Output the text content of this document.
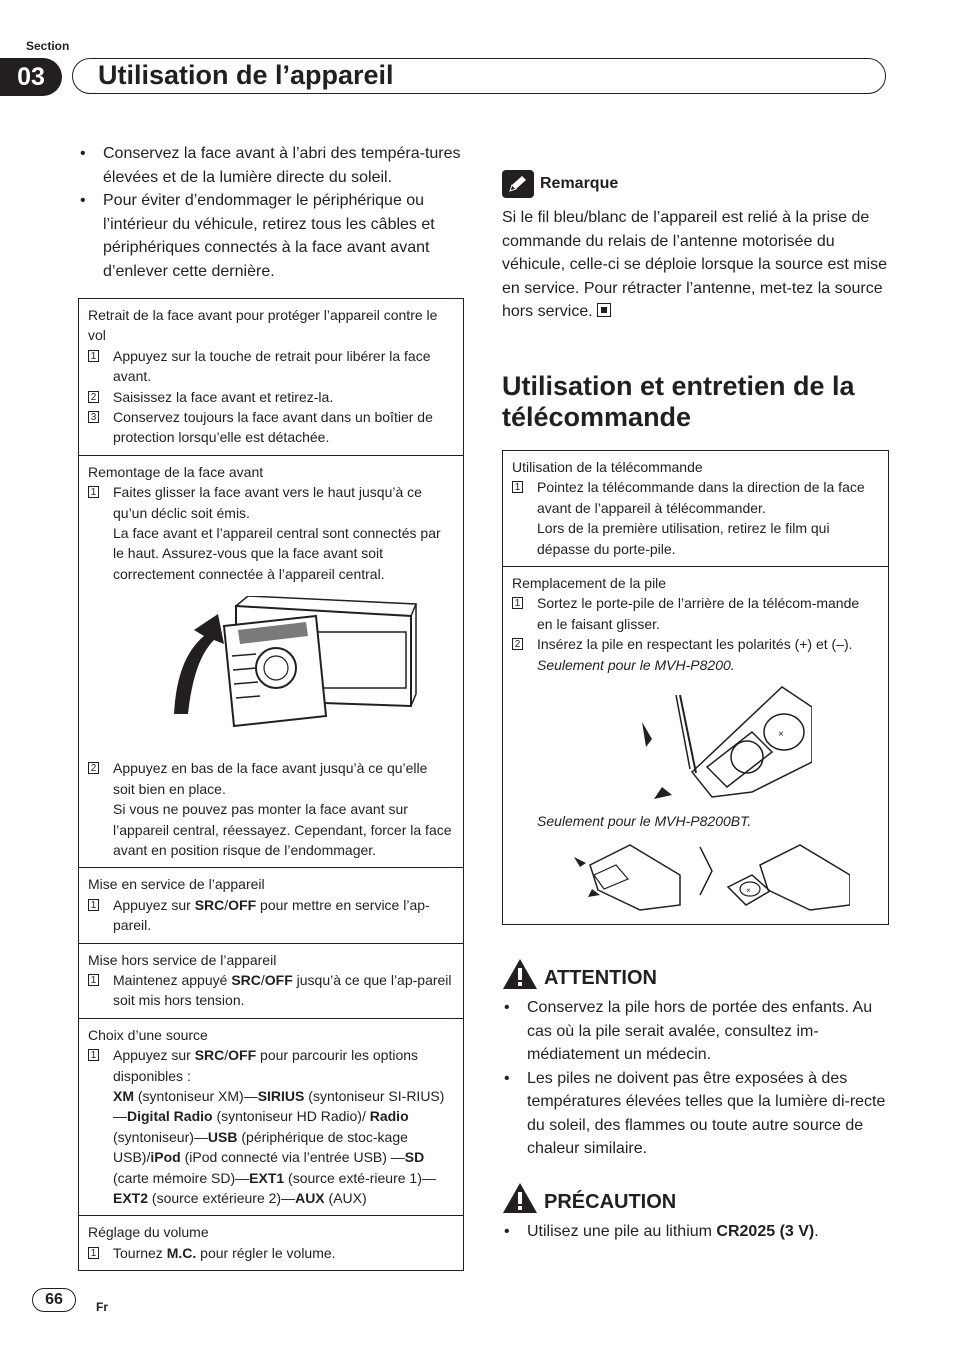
Section
03	Utilisation de l’appareil
• Conservez la face avant à l’abri des tempéra-tures élevées et de la lumière directe du soleil.
• Pour éviter d’endommager le périphérique ou l’intérieur du véhicule, retirez tous les câbles et périphériques connectés à la face avant avant d’enlever cette dernière.
Retrait de la face avant pour protéger l’appareil contre le vol
1 Appuyez sur la touche de retrait pour libérer la face avant.
2 Saisissez la face avant et retirez-la.
3 Conservez toujours la face avant dans un boîtier de protection lorsqu’elle est détachée.
Remontage de la face avant
1 Faites glisser la face avant vers le haut jusqu’à ce qu’un déclic soit émis.
La face avant et l’appareil central sont connectés par le haut. Assurez-vous que la face avant soit correctement connectée à l’appareil central.
2 Appuyez en bas de la face avant jusqu’à ce qu’elle soit bien en place.
Si vous ne pouvez pas monter la face avant sur l’appareil central, réessayez. Cependant, forcer la face avant en position risque de l’endommager.
Mise en service de l’appareil
1 Appuyez sur SRC/OFF pour mettre en service l’ap-pareil.
Mise hors service de l’appareil
1 Maintenez appuyé SRC/OFF jusqu’à ce que l’ap-pareil soit mis hors tension.
Choix d’une source
1 Appuyez sur SRC/OFF pour parcourir les options disponibles :
XM (syntoniseur XM)—SIRIUS (syntoniseur SI-RIUS)—Digital Radio (syntoniseur HD Radio)/ Radio (syntoniseur)—USB (périphérique de stoc-kage USB)/iPod (iPod connecté via l’entrée USB) —SD (carte mémoire SD)—EXT1 (source exté-rieure 1)—EXT2 (source extérieure 2)—AUX (AUX)
Réglage du volume
1 Tournez M.C. pour régler le volume.
Remarque
Si le fil bleu/blanc de l’appareil est relié à la prise de commande du relais de l’antenne motorisée du véhicule, celle-ci se déploie lorsque la source est mise en service. Pour rétracter l’antenne, met-tez la source hors service.
Utilisation et entretien de la télécommande
Utilisation de la télécommande
1 Pointez la télécommande dans la direction de la face avant de l’appareil à télécommander.
Lors de la première utilisation, retirez le film qui dépasse du porte-pile.
Remplacement de la pile
1 Sortez le porte-pile de l’arrière de la télécom-mande en le faisant glisser.
2 Insérez la pile en respectant les polarités (+) et (–).
Seulement pour le MVH-P8200.
×
Seulement pour le MVH-P8200BT.
×
ATTENTION
• Conservez la pile hors de portée des enfants. Au cas où la pile serait avalée, consultez im-médiatement un médecin.
• Les piles ne doivent pas être exposées à des températures élevées telles que la lumière di-recte du soleil, des flammes ou toute autre source de chaleur similaire.
PRÉCAUTION
• Utilisez une pile au lithium CR2025 (3 V).
66	Fr
